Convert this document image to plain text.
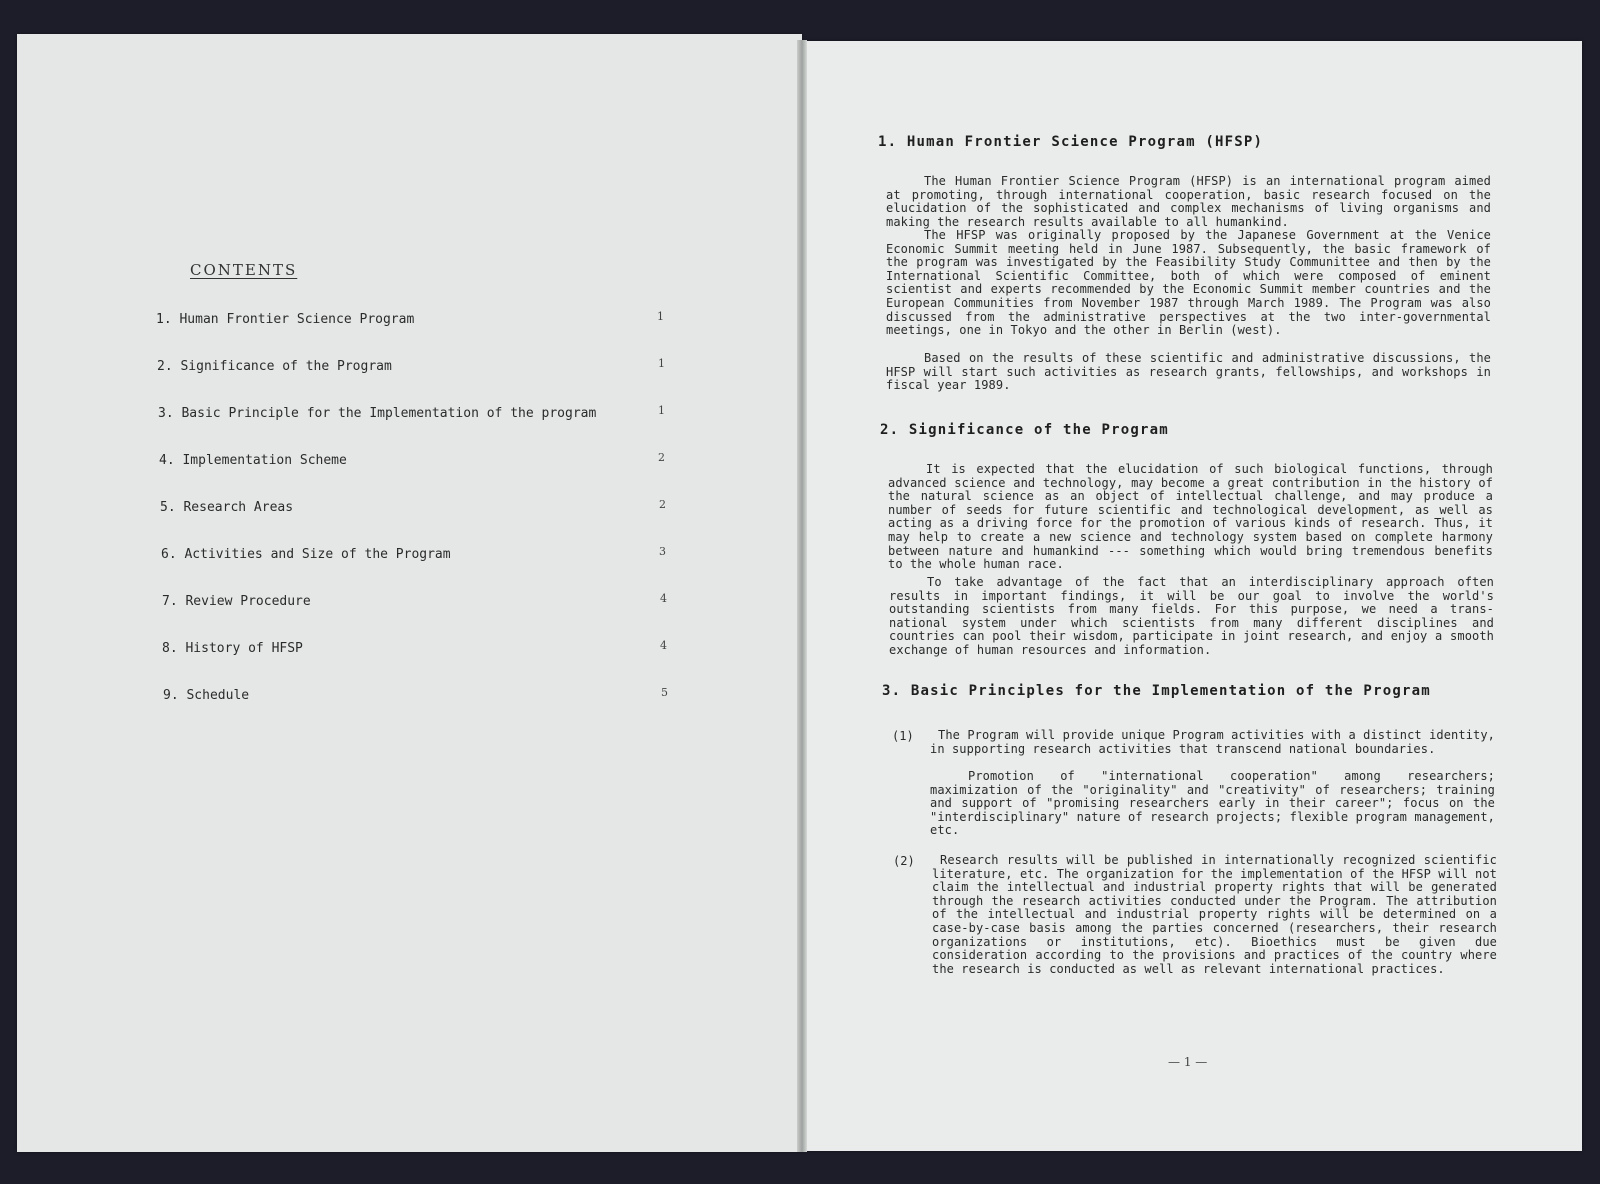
CONTENTS
1. Human Frontier Science Program	1
2. Significance of the Program	1
3. Basic Principle for the Implementation of the program	1
4. Implementation Scheme	2
5. Research Areas	2
6. Activities and Size of the Program	3
7. Review Procedure	4
8. History of HFSP	4
9. Schedule	5
1. Human Frontier Science Program (HFSP)

The Human Frontier Science Program (HFSP) is an international program aimed at promoting, through international cooperation, basic research focused on the elucidation of the sophisticated and complex mechanisms of living organisms and making the research results available to all humankind.

The HFSP was originally proposed by the Japanese Government at the Venice Economic Summit meeting held in June 1987. Subsequently, the basic framework of the program was investigated by the Feasibility Study Communittee and then by the International Scientific Committee, both of which were composed of eminent scientist and experts recommended by the Economic Summit member countries and the European Communities from November 1987 through March 1989. The Program was also discussed from the administrative perspectives at the two inter-governmental meetings, one in Tokyo and the other in Berlin (west).

Based on the results of these scientific and administrative discussions, the HFSP will start such activities as research grants, fellowships, and workshops in fiscal year 1989.

2. Significance of the Program

It is expected that the elucidation of such biological functions, through advanced science and technology, may become a great contribution in the history of the natural science as an object of intellectual challenge, and may produce a number of seeds for future scientific and technological development, as well as acting as a driving force for the promotion of various kinds of research. Thus, it may help to create a new science and technology system based on complete harmony between nature and humankind --- something which would bring tremendous benefits to the whole human race.

To take advantage of the fact that an interdisciplinary approach often results in important findings, it will be our goal to involve the world's outstanding scientists from many fields. For this purpose, we need a trans-national system under which scientists from many different disciplines and countries can pool their wisdom, participate in joint research, and enjoy a smooth exchange of human resources and information.

3. Basic Principles for the Implementation of the Program
(1)	The Program will provide unique Program activities with a distinct identity, in supporting research activities that transcend national boundaries.

Promotion of "international cooperation" among researchers; maximization of the "originality" and "creativity" of researchers; training and support of "promising researchers early in their career"; focus on the "interdisciplinary" nature of research projects; flexible program management, etc.

(2)	Research results will be published in internationally recognized scientific literature, etc. The organization for the implementation of the HFSP will not claim the intellectual and industrial property rights that will be generated through the research activities conducted under the Program. The attribution of the intellectual and industrial property rights will be determined on a case-by-case basis among the parties concerned (researchers, their research organizations or institutions, etc). Bioethics must be given due consideration according to the provisions and practices of the country where the research is conducted as well as relevant international practices.

— 1 —
